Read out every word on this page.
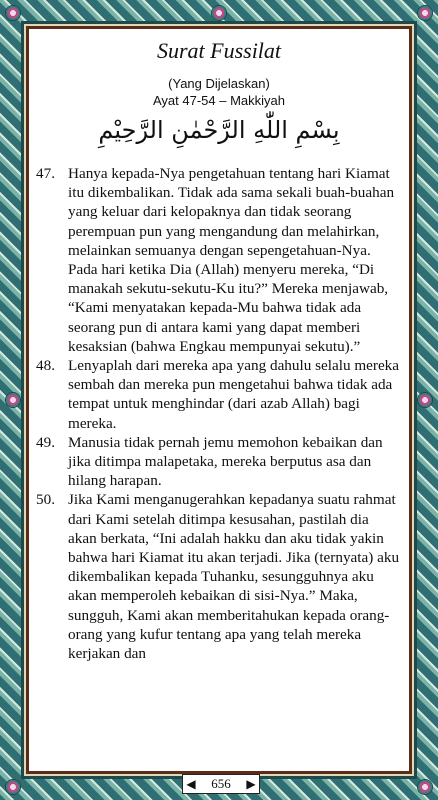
Surat Fussilat
(Yang Dijelaskan)
Ayat 47-54 – Makkiyah
بِسْمِ اللّٰهِ الرَّحْمٰنِ الرَّحِيْمِ
47. Hanya kepada-Nya pengetahuan tentang hari Kiamat itu dikembalikan. Tidak ada sama sekali buah-buahan yang keluar dari kelopaknya dan tidak seorang perempuan pun yang mengandung dan melahirkan, melainkan semuanya dengan sepengetahuan-Nya. Pada hari ketika Dia (Allah) menyeru mereka, “Di manakah sekutu-sekutu-Ku itu?” Mereka menjawab, “Kami menyatakan kepada-Mu bahwa tidak ada seorang pun di antara kami yang dapat memberi kesaksian (bahwa Engkau mempunyai sekutu).”
48. Lenyaplah dari mereka apa yang dahulu selalu mereka sembah dan mereka pun mengetahui bahwa tidak ada tempat untuk menghindar (dari azab Allah) bagi mereka.
49. Manusia tidak pernah jemu memohon kebaikan dan jika ditimpa malapetaka, mereka berputus asa dan hilang harapan.
50. Jika Kami menganugerahkan kepadanya suatu rahmat dari Kami setelah ditimpa kesusahan, pastilah dia akan berkata, “Ini adalah hakku dan aku tidak yakin bahwa hari Kiamat itu akan terjadi. Jika (ternyata) aku dikembalikan kepada Tuhanku, sesungguhnya aku akan memperoleh kebaikan di sisi-Nya.” Maka, sungguh, Kami akan memberitahukan kepada orang-orang yang kufur tentang apa yang telah mereka kerjakan dan
◀ 656 ▶
